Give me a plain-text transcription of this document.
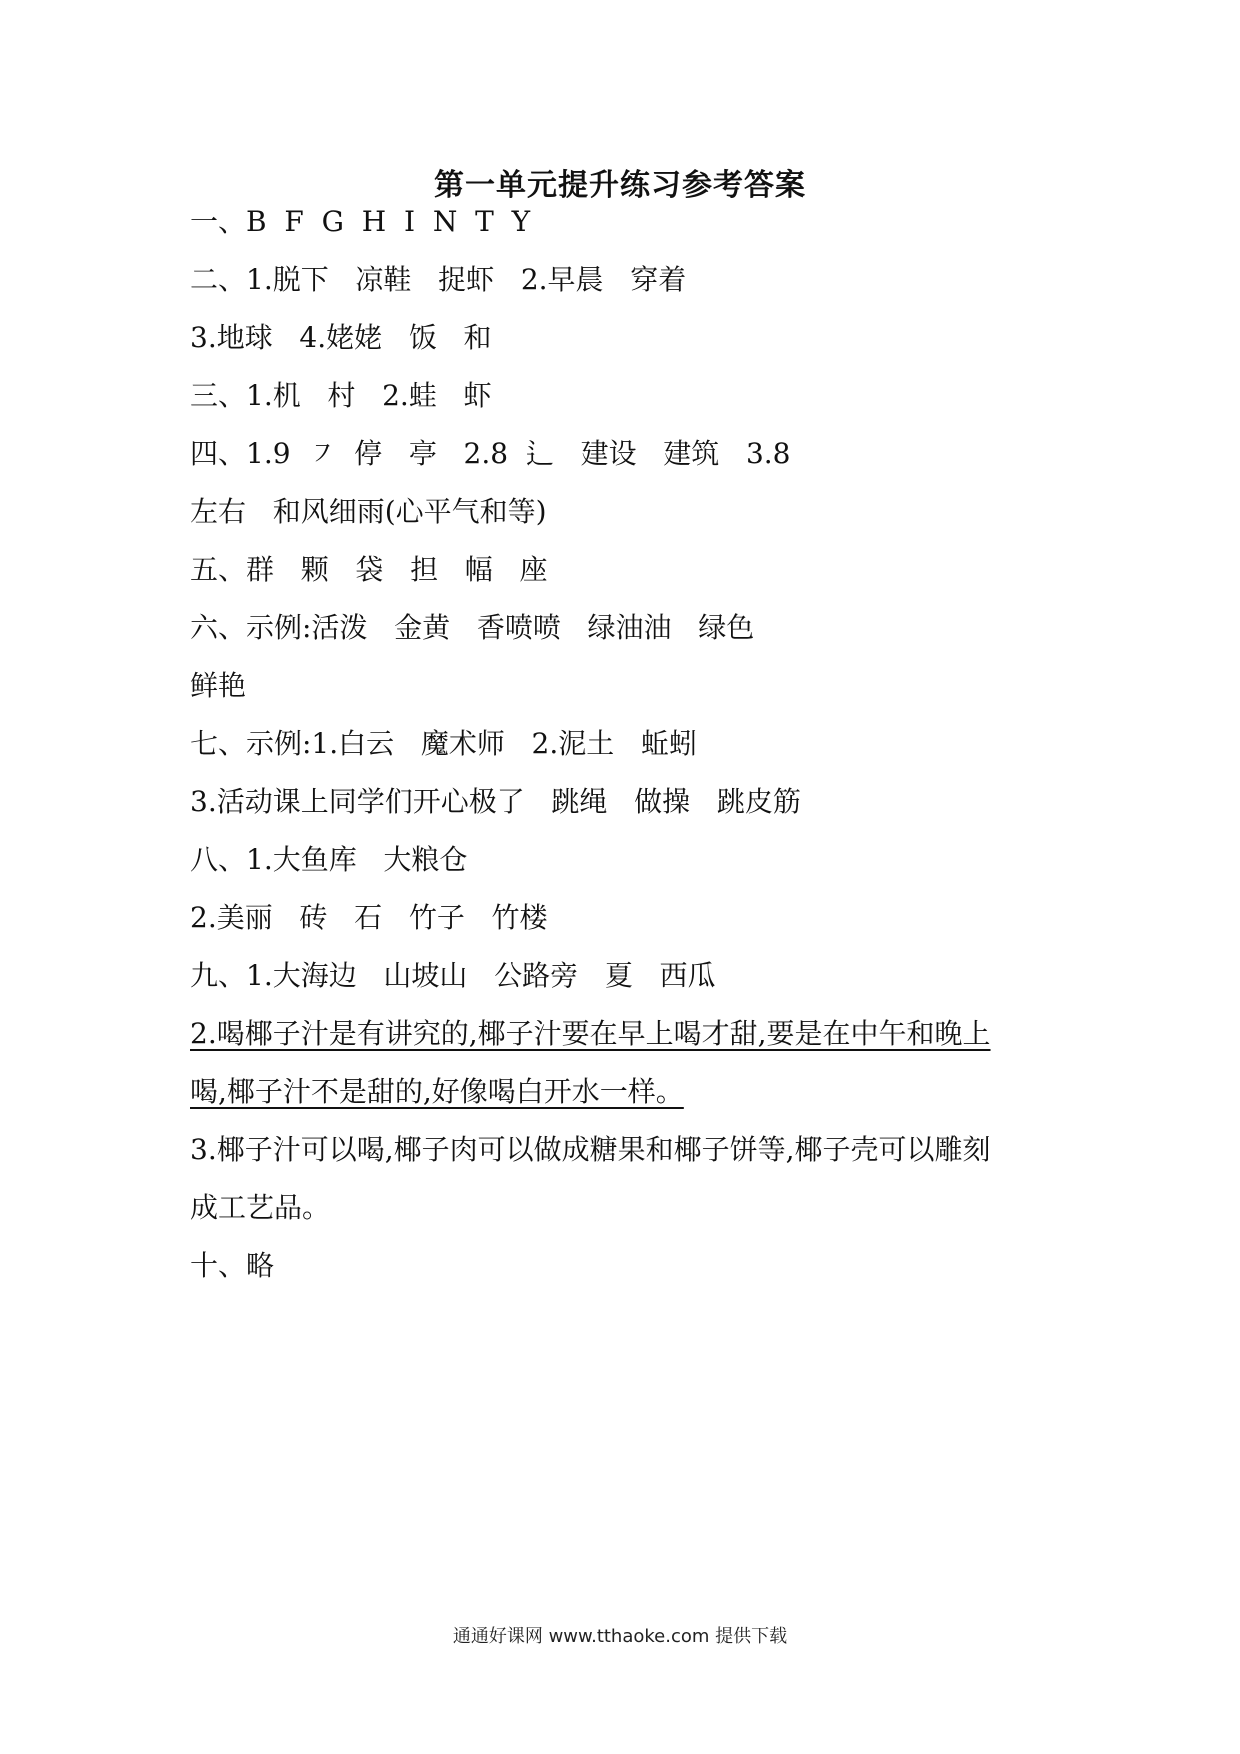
第一单元提升练习参考答案
一、B  F  G  H  I  N  T  Y
二、1.脱下   凉鞋   捉虾   2.早晨   穿着
3.地球   4.姥姥   饭   和
三、1.机   村   2.蛙   虾
四、1.9  ㇇  停   亭   2.8  ⻍   建设   建筑   3.8
左右   和风细雨(心平气和等)
五、群   颗   袋   担   幅   座
六、示例:活泼   金黄   香喷喷   绿油油   绿色
鲜艳
七、示例:1.白云   魔术师   2.泥土   蚯蚓
3.活动课上同学们开心极了   跳绳   做操   跳皮筋
八、1.大鱼库   大粮仓
2.美丽   砖   石   竹子   竹楼
九、1.大海边   山坡山   公路旁   夏   西瓜
2.喝椰子汁是有讲究的,椰子汁要在早上喝才甜,要是在中午和晚上
喝,椰子汁不是甜的,好像喝白开水一样。
3.椰子汁可以喝,椰子肉可以做成糖果和椰子饼等,椰子壳可以雕刻
成工艺品。
十、略
通通好课网 www.tthaoke.com 提供下载
